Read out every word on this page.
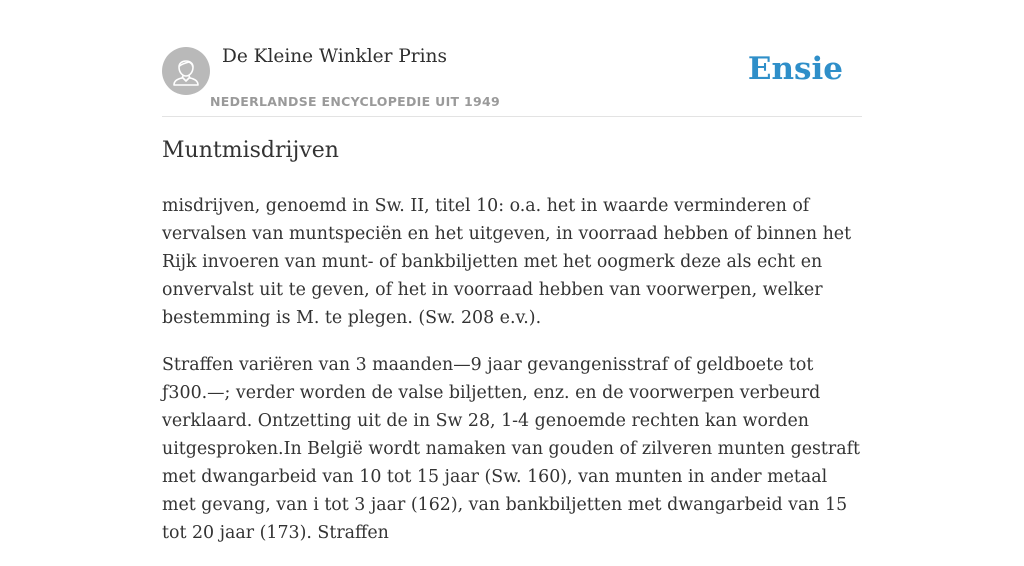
De Kleine Winkler Prins
NEDERLANDSE ENCYCLOPEDIE UIT 1949
Ensie
Muntmisdrijven

misdrijven, genoemd in Sw. II, titel 10: o.a. het in waarde verminderen of vervalsen van muntspeciën en het uitgeven, in voorraad hebben of binnen het Rijk invoeren van munt- of bankbiljetten met het oogmerk deze als echt en onvervalst uit te geven, of het in voorraad hebben van voorwerpen, welker bestemming is M. te plegen. (Sw. 208 e.v.).

Straffen variëren van 3 maanden—9 jaar gevangenisstraf of geldboete tot ƒ300.—; verder worden de valse biljetten, enz. en de voorwerpen verbeurd verklaard. Ontzetting uit de in Sw 28, 1-4 genoemde rechten kan worden uitgesproken.In België wordt namaken van gouden of zilveren munten gestraft met dwangarbeid van 10 tot 15 jaar (Sw. 160), van munten in ander metaal met gevang, van i tot 3 jaar (162), van bankbiljetten met dwangarbeid van 15 tot 20 jaar (173). Straffen
